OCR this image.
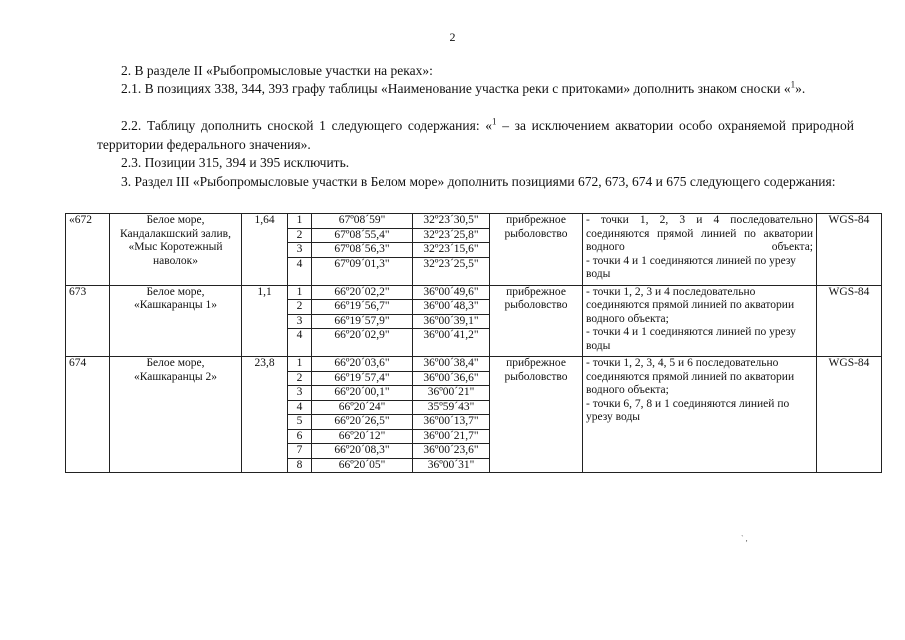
2

2. В разделе II «Рыбопромысловые участки на реках»:

2.1. В позициях 338, 344, 393 графу таблицы «Наименование участка реки с притоками» дополнить знаком сноски «$^1$».

2.2. Таблицу дополнить сноской 1 следующего содержания: «$^1$ – за исключением акватории особо охраняемой природной территории федерального значения».

2.3. Позиции 315, 394 и 395 исключить.

3. Раздел III «Рыбопромысловые участки в Белом море» дополнить позициями 672, 673, 674 и 675 следующего содержания:

«672	Белое море, Кандалакшский залив, «Мыс Коротежный наволок»	1,64	1	67º08´59"	32º23´30,5"	прибрежное рыболовство	- точки 1, 2, 3 и 4 последовательно соединяются прямой линией по акватории водного объекта;
- точки 4 и 1 соединяются линией по урезу воды	WGS-84
			2	67º08´55,4"	32º23´25,8"			
			3	67º08´56,3"	32º23´15,6"			
			4	67º09´01,3"	32º23´25,5"			
673	Белое море, «Кашкаранцы 1»	1,1	1	66º20´02,2"	36º00´49,6"	прибрежное рыболовство	- точки 1, 2, 3 и 4 последовательно соединяются прямой линией по акватории водного объекта;
- точки 4 и 1 соединяются линией по урезу воды	WGS-84
			2	66º19´56,7"	36º00´48,3"			
			3	66º19´57,9"	36º00´39,1"			
			4	66º20´02,9"	36º00´41,2"			
674	Белое море, «Кашкаранцы 2»	23,8	1	66º20´03,6"	36º00´38,4"	прибрежное рыболовство	- точки 1, 2, 3, 4, 5 и 6 последовательно соединяются прямой линией по акватории водного объекта;
- точки 6, 7, 8 и 1 соединяются линией по урезу воды	WGS-84
			2	66º19´57,4"	36º00´36,6"			
			3	66º20´00,1"	36º00´21"			
			4	66º20´24"	35º59´43"			
			5	66º20´26,5"	36º00´13,7"			
			6	66º20´12"	36º00´21,7"			
			7	66º20´08,3"	36º00´23,6"			
			8	66º20´05"	36º00´31"			
` ,
